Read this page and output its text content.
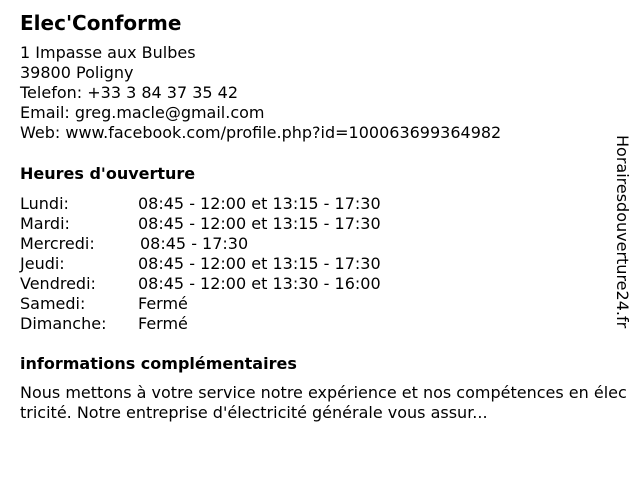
Elec'Conforme
1 Impasse aux Bulbes
39800 Poligny
Telefon: +33 3 84 37 35 42
Email: greg.macle@gmail.com
Web: www.facebook.com/profile.php?id=100063699364982
Heures d'ouverture
Lundi:	08:45 - 12:00 et 13:15 - 17:30
Mardi:	08:45 - 12:00 et 13:15 - 17:30
Mercredi:	08:45 - 17:30
Jeudi:	08:45 - 12:00 et 13:15 - 17:30
Vendredi:	08:45 - 12:00 et 13:30 - 16:00
Samedi:	Fermé
Dimanche: Fermé
informations complémentaires
Nous mettons à votre service notre expérience et nos compétences en électricité. Notre entreprise d'électricité générale vous assur...
Horairesdouverture24.fr
